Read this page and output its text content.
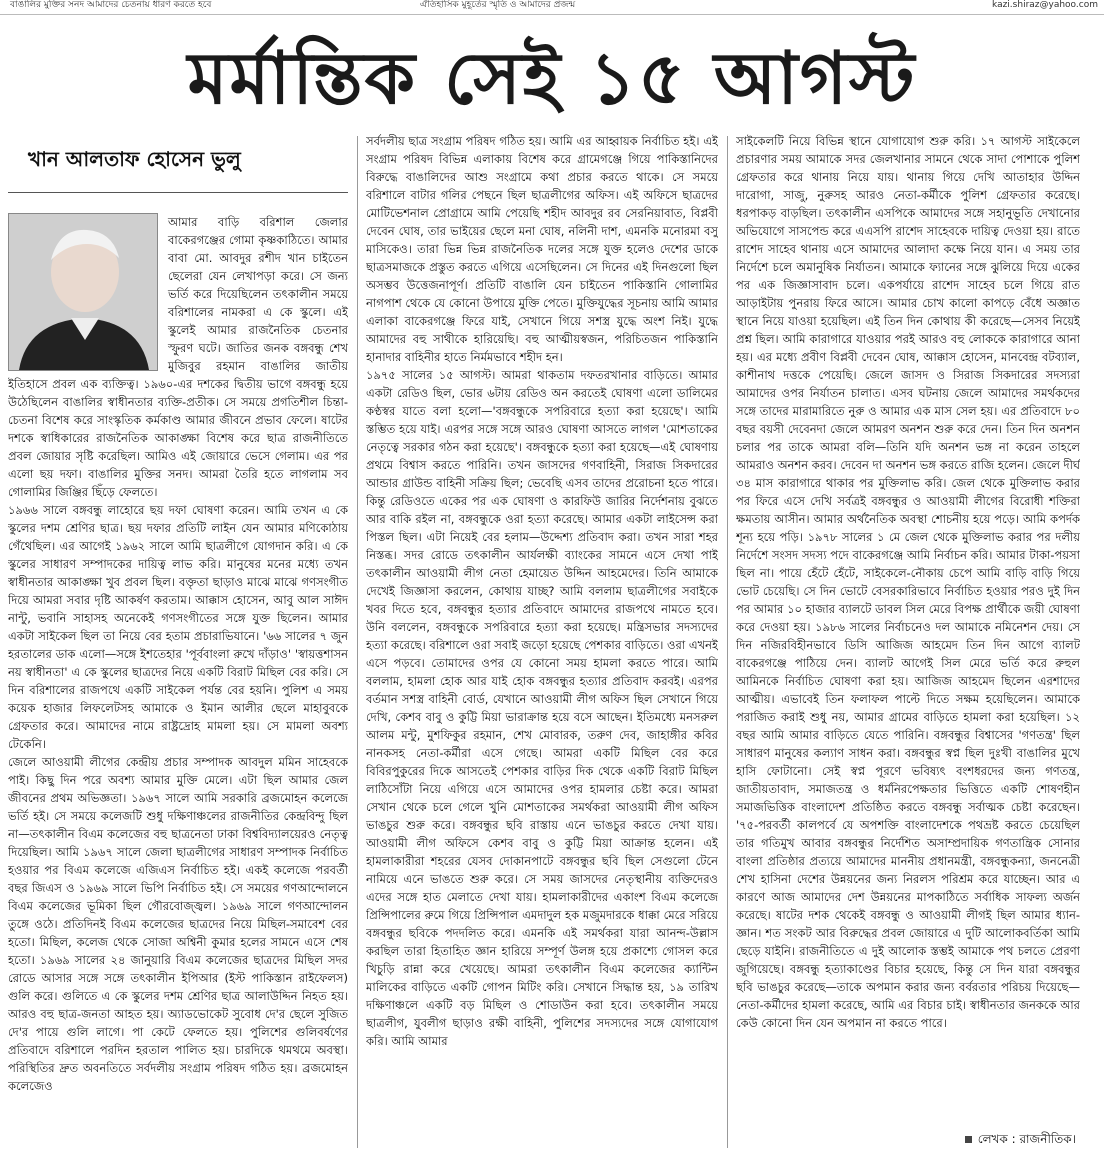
বাঙালির মুক্তির সনদ আমাদের চেতনায় ধারণ করতে হবে	ঐতিহাসিক মুহূর্তের স্মৃতি ও আমাদের প্রজন্ম	kazi.shiraz@yahoo.com
মর্মান্তিক সেই ১৫ আগস্ট
খান আলতাফ হোসেন ভুলু

আমার বাড়ি বরিশাল জেলার বাকেরগঞ্জের গোমা কৃষ্ণকাঠিতে। আমার বাবা মো. আবদুর রশীদ খান চাইতেন ছেলেরা যেন লেখাপড়া করে। সে জন্য ভর্তি করে দিয়েছিলেন তৎকালীন সময়ে বরিশালের নামকরা এ কে স্কুলে। এই স্কুলেই আমার রাজনৈতিক চেতনার স্ফুরণ ঘটে। জাতির জনক বঙ্গবন্ধু শেখ মুজিবুর রহমান বাঙালির জাতীয় ইতিহাসে প্রবল এক ব্যক্তিত্ব। ১৯৬০-এর দশকের দ্বিতীয় ভাগে বঙ্গবন্ধু হয়ে উঠেছিলেন বাঙালির স্বাধীনতার ব্যক্তি-প্রতীক। সে সময়ে প্রগতিশীল চিন্তা-চেতনা বিশেষ করে সাংস্কৃতিক কর্মকাণ্ড আমার জীবনে প্রভাব ফেলে। ষাটের দশকে স্বাধিকারের রাজনৈতিক আকাঙ্ক্ষা বিশেষ করে ছাত্র রাজনীতিতে প্রবল জোয়ার সৃষ্টি করেছিল। আমিও এই জোয়ারে ভেসে গেলাম। এর পর এলো ছয় দফা। বাঙালির মুক্তির সনদ। আমরা তৈরি হতে লাগলাম সব গোলামির জিঞ্জির ছিঁড়ে ফেলতে।

১৯৬৬ সালে বঙ্গবন্ধু লাহোরে ছয় দফা ঘোষণা করেন। আমি তখন এ কে স্কুলের দশম শ্রেণির ছাত্র। ছয় দফার প্রতিটি লাইন যেন আমার মণিকোঠায় গেঁথেছিল। এর আগেই ১৯৬২ সালে আমি ছাত্রলীগে যোগদান করি। এ কে স্কুলের সাধারণ সম্পাদকের দায়িত্ব লাভ করি। মানুষের মনের মধ্যে তখন স্বাধীনতার আকাঙ্ক্ষা খুব প্রবল ছিল। বক্তৃতা ছাড়াও মাঝে মাঝে গণসংগীত দিয়ে আমরা সবার দৃষ্টি আকর্ষণ করতাম। আক্কাস হোসেন, আবু আল সাঈদ নান্টু, ভবানি সাহাসহ অনেকেই গণসংগীতের সঙ্গে যুক্ত ছিলেন। আমার একটা সাইকেল ছিল তা নিয়ে বের হতাম প্রচারাভিযানে। '৬৬ সালের ৭ জুন হরতালের ডাক এলো—সঙ্গে ইশতেহার 'পূর্ববাংলা রুখে দাঁড়াও' 'স্বায়ত্তশাসন নয় স্বাধীনতা' এ কে স্কুলের ছাত্রদের নিয়ে একটি বিরাট মিছিল বের করি। সে দিন বরিশালের রাজপথে একটি সাইকেল পর্যন্ত বের হয়নি। পুলিশ এ সময় কয়েক হাজার লিফলেটসহ আমাকে ও ইমান আলীর ছেলে মাহাবুবকে গ্রেফতার করে। আমাদের নামে রাষ্ট্রদ্রোহ মামলা হয়। সে মামলা অবশ্য টেকেনি।

জেলে আওয়ামী লীগের কেন্দ্রীয় প্রচার সম্পাদক আবদুল মমিন সাহেবকে পাই। কিছু দিন পরে অবশ্য আমার মুক্তি মেলে। এটা ছিল আমার জেল জীবনের প্রথম অভিজ্ঞতা। ১৯৬৭ সালে আমি সরকারি ব্রজমোহন কলেজে ভর্তি হই। সে সময়ে কলেজটি শুধু দক্ষিণাঞ্চলের রাজনীতির কেন্দ্রবিন্দু ছিল না—তৎকালীন বিএম কলেজের বহু ছাত্রনেতা ঢাকা বিশ্ববিদ্যালয়েরও নেতৃত্ব দিয়েছিল। আমি ১৯৬৭ সালে জেলা ছাত্রলীগের সাধারণ সম্পাদক নির্বাচিত হওয়ার পর বিএম কলেজে এজিএস নির্বাচিত হই। একই কলেজে পরবর্তী বছর জিএস ও ১৯৬৯ সালে ভিপি নির্বাচিত হই। সে সময়ের গণআন্দোলনে বিএম কলেজের ভূমিকা ছিল গৌরবোজ্জ্বল। ১৯৬৯ সালে গণআন্দোলন তুঙ্গে ওঠে। প্রতিদিনই বিএম কলেজের ছাত্রদের নিয়ে মিছিল-সমাবেশ বের হতো। মিছিল, কলেজ থেকে সোজা অশ্বিনী কুমার হলের সামনে এসে শেষ হতো। ১৯৬৯ সালের ২৪ জানুয়ারি বিএম কলেজের ছাত্রদের মিছিল সদর রোডে আসার সঙ্গে সঙ্গে তৎকালীন ইপিআর (ইস্ট পাকিস্তান রাইফেলস) গুলি করে। গুলিতে এ কে স্কুলের দশম শ্রেণির ছাত্র আলাউদ্দিন নিহত হয়। আরও বহু ছাত্র-জনতা আহত হয়। অ্যাডভোকেট সুবোধ দে'র ছেলে সুজিত দে'র পায়ে গুলি লাগে। পা কেটে ফেলতে হয়। পুলিশের গুলিবর্ষণের প্রতিবাদে বরিশালে পরদিন হরতাল পালিত হয়। চারদিকে থমথমে অবস্থা। পরিস্থিতির দ্রুত অবনতিতে সর্বদলীয় সংগ্রাম পরিষদ গঠিত হয়। ব্রজমোহন কলেজেও

সর্বদলীয় ছাত্র সংগ্রাম পরিষদ গঠিত হয়। আমি এর আহ্বায়ক নির্বাচিত হই। এই সংগ্রাম পরিষদ বিভিন্ন এলাকায় বিশেষ করে গ্রামেগঞ্জে গিয়ে পাকিস্তানিদের বিরুদ্ধে বাঙালিদের আশু সংগ্রামে কথা প্রচার করতে থাকে। সে সময়ে বরিশালে বাটার গলির পেছনে ছিল ছাত্রলীগের অফিস। এই অফিসে ছাত্রদের মোটিভেশনাল প্রোগ্রামে আমি পেয়েছি শহীদ আবদুর রব সেরনিয়াবাত, বিপ্লবী দেবেন ঘোষ, তার ভাইয়ের ছেলে মনা ঘোষ, নলিনী দাশ, এমনকি মনোরমা বসু মাসিকেও। তারা ভিন্ন ভিন্ন রাজনৈতিক দলের সঙ্গে যুক্ত হলেও দেশের ডাকে ছাত্রসমাজকে প্রস্তুত করতে এগিয়ে এসেছিলেন। সে দিনের এই দিনগুলো ছিল অসম্ভব উত্তেজনাপূর্ণ। প্রতিটি বাঙালি যেন চাইতেন পাকিস্তানি গোলামির নাগপাশ থেকে যে কোনো উপায়ে মুক্তি পেতে। মুক্তিযুদ্ধের সূচনায় আমি আমার এলাকা বাকেরগঞ্জে ফিরে যাই, সেখানে গিয়ে সশস্ত্র যুদ্ধে অংশ নিই। যুদ্ধে আমাদের বহু সাথীকে হারিয়েছি। বহু আত্মীয়স্বজন, পরিচিতজন পাকিস্তানি হানাদার বাহিনীর হাতে নির্মমভাবে শহীদ হন।

১৯৭৫ সালের ১৫ আগস্ট। আমরা থাকতাম দফতরখানার বাড়িতে। আমার একটা রেডিও ছিল, ভোর ৬টায় রেডিও অন করতেই ঘোষণা এলো ডালিমের কণ্ঠস্বর যাতে বলা হলো—'বঙ্গবন্ধুকে সপরিবারে হত্যা করা হয়েছে'। আমি স্তম্ভিত হয়ে যাই। এরপর সঙ্গে সঙ্গে আরও ঘোষণা আসতে লাগল 'মোশতাকের নেতৃত্বে সরকার গঠন করা হয়েছে'। বঙ্গবন্ধুকে হত্যা করা হয়েছে—এই ঘোষণায় প্রথমে বিশ্বাস করতে পারিনি। তখন জাসদের গণবাহিনী, সিরাজ সিকদারের আন্ডার গ্রাউন্ড বাহিনী সক্রিয় ছিল; ভেবেছি এসব তাদের প্ররোচনা হতে পারে। কিন্তু রেডিওতে একের পর এক ঘোষণা ও কারফিউ জারির নির্দেশনায় বুঝতে আর বাকি রইল না, বঙ্গবন্ধুকে ওরা হত্যা করেছে। আমার একটা লাইসেন্স করা পিস্তল ছিল। এটা নিয়েই বের হলাম—উদ্দেশ্য প্রতিবাদ করা। তখন সারা শহর নিস্তব্ধ। সদর রোডে তৎকালীন আর্যলক্ষী ব্যাংকের সামনে এসে দেখা পাই তৎকালীন আওয়ামী লীগ নেতা হেমায়েত উদ্দিন আহমেদের। তিনি আমাকে দেখেই জিজ্ঞাসা করলেন, কোথায় যাচ্ছ? আমি বললাম ছাত্রলীগের সবাইকে খবর দিতে হবে, বঙ্গবন্ধুর হত্যার প্রতিবাদে আমাদের রাজপথে নামতে হবে। উনি বললেন, বঙ্গবন্ধুকে সপরিবারে হত্যা করা হয়েছে। মন্ত্রিসভার সদস্যদের হত্যা করেছে। বরিশালে ওরা সবাই জড়ো হয়েছে পেশকার বাড়িতে। ওরা এখনই এসে পড়বে। তোমাদের ওপর যে কোনো সময় হামলা করতে পারে। আমি বললাম, হামলা হোক আর যাই হোক বঙ্গবন্ধুর হত্যার প্রতিবাদ করবই। এরপর বর্তমান সশস্ত্র বাহিনী বোর্ড, যেখানে আওয়ামী লীগ অফিস ছিল সেখানে গিয়ে দেখি, কেশব বাবু ও কুট্টি মিয়া ভারাক্রান্ত হয়ে বসে আছেন। ইতিমধ্যে মনসরুল আলম মন্টু, মুশফিকুর রহমান, শেখ মোবারক, তরুণ দেব, জাহাঙ্গীর কবির নানকসহ নেতা-কর্মীরা এসে গেছে। আমরা একটি মিছিল বের করে বিবিরপুকুরের দিকে আসতেই পেশকার বাড়ির দিক থেকে একটি বিরাট মিছিল লাঠিসোঁটা নিয়ে এগিয়ে এসে আমাদের ওপর হামলার চেষ্টা করে। আমরা সেখান থেকে চলে গেলে খুনি মোশতাকের সমর্থকরা আওয়ামী লীগ অফিস ভাঙচুর শুরু করে। বঙ্গবন্ধুর ছবি রাস্তায় এনে ভাঙচুর করতে দেখা যায়। আওয়ামী লীগ অফিসে কেশব বাবু ও কুট্টি মিয়া আক্রান্ত হলেন। এই হামলাকারীরা শহরের যেসব দোকানপাটে বঙ্গবন্ধুর ছবি ছিল সেগুলো টেনে নামিয়ে এনে ভাঙতে শুরু করে। সে সময় জাসদের নেতৃস্থানীয় ব্যক্তিদেরও এদের সঙ্গে হাত মেলাতে দেখা যায়। হামলাকারীদের একাংশ বিএম কলেজে প্রিন্সিপালের রুমে গিয়ে প্রিন্সিপাল এমদাদুল হক মজুমদারকে ধাক্কা মেরে সরিয়ে বঙ্গবন্ধুর ছবিকে পদদলিত করে। এমনকি এই সমর্থকরা যারা আনন্দ-উল্লাস করছিল তারা হিতাহিত জ্ঞান হারিয়ে সম্পূর্ণ উলঙ্গ হয়ে প্রকাশ্যে গোসল করে খিচুড়ি রান্না করে খেয়েছে। আমরা তৎকালীন বিএম কলেজের ক্যান্টিন মালিকের বাড়িতে একটি গোপন মিটিং করি। সেখানে সিদ্ধান্ত হয়, ১৯ তারিখ দক্ষিণাঞ্চলে একটি বড় মিছিল ও শোডাউন করা হবে। তৎকালীন সময়ে ছাত্রলীগ, যুবলীগ ছাড়াও রক্ষী বাহিনী, পুলিশের সদস্যদের সঙ্গে যোগাযোগ করি। আমি আমার

সাইকেলটি নিয়ে বিভিন্ন স্থানে যোগাযোগ শুরু করি। ১৭ আগস্ট সাইকেলে প্রচারণার সময় আমাকে সদর জেলখানার সামনে থেকে সাদা পোশাকে পুলিশ গ্রেফতার করে থানায় নিয়ে যায়। থানায় গিয়ে দেখি আতাহার উদ্দিন দারোগা, সাজু, নুরুসহ আরও নেতা-কর্মীকে পুলিশ গ্রেফতার করেছে। ধরপাকড় বাড়ছিল। তৎকালীন এসপিকে আমাদের সঙ্গে সহানুভূতি দেখানোর অভিযোগে সাসপেন্ড করে এএসপি রাশেদ সাহেবকে দায়িত্ব দেওয়া হয়। রাতে রাশেদ সাহেব থানায় এসে আমাদের আলাদা কক্ষে নিয়ে যান। এ সময় তার নির্দেশে চলে অমানুষিক নির্যাতন। আমাকে ফ্যানের সঙ্গে ঝুলিয়ে দিয়ে একের পর এক জিজ্ঞাসাবাদ চলে। একপর্যায়ে রাশেদ সাহেব চলে গিয়ে রাত আড়াইটায় পুনরায় ফিরে আসে। আমার চোখ কালো কাপড়ে বেঁধে অজ্ঞাত স্থানে নিয়ে যাওয়া হয়েছিল। এই তিন দিন কোথায় কী করেছে—সেসব নিয়েই প্রশ্ন ছিল। আমি কারাগারে যাওয়ার পরই আরও বহু লোককে কারাগারে আনা হয়। এর মধ্যে প্রবীণ বিপ্লবী দেবেন ঘোষ, আক্কাস হোসেন, মানবেন্দ্র বটব্যাল, কাশীনাথ দত্তকে পেয়েছি। জেলে জাসদ ও সিরাজ সিকদারের সদস্যরা আমাদের ওপর নির্যাতন চালাত। এসব ঘটনায় জেলে আমাদের সমর্থকদের সঙ্গে তাদের মারামারিতে নুরু ও আমার এক মাস সেল হয়। এর প্রতিবাদে ৮০ বছর বয়সী দেবেনদা জেলে আমরণ অনশন শুরু করে দেন। তিন দিন অনশন চলার পর তাকে আমরা বলি—তিনি যদি অনশন ভঙ্গ না করেন তাহলে আমরাও অনশন করব। দেবেন দা অনশন ভঙ্গ করতে রাজি হলেন। জেলে দীর্ঘ ৩৪ মাস কারাগারে থাকার পর মুক্তিলাভ করি। জেল থেকে মুক্তিলাভ করার পর ফিরে এসে দেখি সর্বত্রই বঙ্গবন্ধুর ও আওয়ামী লীগের বিরোধী শক্তিরা ক্ষমতায় আসীন। আমার অর্থনৈতিক অবস্থা শোচনীয় হয়ে পড়ে। আমি কপর্দক শূন্য হয়ে পড়ি। ১৯৭৮ সালের ১ মে জেল থেকে মুক্তিলাভ করার পর দলীয় নির্দেশে সংসদ সদস্য পদে বাকেরগঞ্জে আমি নির্বাচন করি। আমার টাকা-পয়সা ছিল না। পায়ে হেঁটে হেঁটে, সাইকেলে-নৌকায় চেপে আমি বাড়ি বাড়ি গিয়ে ভোট চেয়েছি। সে দিন ভোটে বেসরকারিভাবে নির্বাচিত হওয়ার পরও দুই দিন পর আমার ১০ হাজার ব্যালটে ডাবল সিল মেরে বিপক্ষ প্রার্থীকে জয়ী ঘোষণা করে দেওয়া হয়। ১৯৮৬ সালের নির্বাচনেও দল আমাকে নমিনেশন দেয়। সে দিন নজিরবিহীনভাবে ডিসি আজিজ আহমেদ তিন দিন আগে ব্যালট বাকেরগঞ্জে পাঠিয়ে দেন। ব্যালট আগেই সিল মেরে ভর্তি করে রুহুল আমিনকে নির্বাচিত ঘোষণা করা হয়। আজিজ আহমেদ ছিলেন এরশাদের আত্মীয়। এভাবেই তিন ফলাফল পাল্টে দিতে সক্ষম হয়েছিলেন। আমাকে পরাজিত করাই শুধু নয়, আমার গ্রামের বাড়িতে হামলা করা হয়েছিল। ১২ বছর আমি আমার বাড়িতে যেতে পারিনি। বঙ্গবন্ধুর বিশ্বাসের 'গণতন্ত্র' ছিল সাধারণ মানুষের কল্যাণ সাধন করা। বঙ্গবন্ধুর স্বপ্ন ছিল দুঃখী বাঙালির মুখে হাসি ফোটানো। সেই স্বপ্ন পূরণে ভবিষ্যৎ বংশধরদের জন্য গণতন্ত্র, জাতীয়তাবাদ, সমাজতন্ত্র ও ধর্মনিরপেক্ষতার ভিত্তিতে একটি শোষণহীন সমাজভিত্তিক বাংলাদেশ প্রতিষ্ঠিত করতে বঙ্গবন্ধু সর্বাত্মক চেষ্টা করেছেন। '৭৫-পরবর্তী কালপর্বে যে অপশক্তি বাংলাদেশকে পথভ্রষ্ট করতে চেয়েছিল তার গতিমুখ আবার বঙ্গবন্ধুর নির্দেশিত অসাম্প্রদায়িক গণতান্ত্রিক সোনার বাংলা প্রতিষ্ঠার প্রত্যয়ে আমাদের মাননীয় প্রধানমন্ত্রী, বঙ্গবন্ধুকন্যা, জননেত্রী শেখ হাসিনা দেশের উন্নয়নের জন্য নিরলস পরিশ্রম করে যাচ্ছেন। আর এ কারণে আজ আমাদের দেশ উন্নয়নের মাপকাঠিতে সর্বাধিক সাফল্য অর্জন করেছে। ষাটের দশক থেকেই বঙ্গবন্ধু ও আওয়ামী লীগই ছিল আমার ধ্যান-জ্ঞান। শত সংকট আর বিরুদ্ধের প্রবল জোয়ারে এ দুটি আলোকবর্তিকা আমি ছেড়ে যাইনি। রাজনীতিতে এ দুই আলোক স্তম্ভই আমাকে পথ চলতে প্রেরণা জুগিয়েছে। বঙ্গবন্ধু হত্যাকাণ্ডের বিচার হয়েছে, কিন্তু সে দিন যারা বঙ্গবন্ধুর ছবি ভাঙচুর করেছে—তাকে অপমান করার জন্য বর্বরতার পরিচয় দিয়েছে—নেতা-কর্মীদের হামলা করেছে, আমি এর বিচার চাই। স্বাধীনতার জনককে আর কেউ কোনো দিন যেন অপমান না করতে পারে।

লেখক : রাজনীতিক।
